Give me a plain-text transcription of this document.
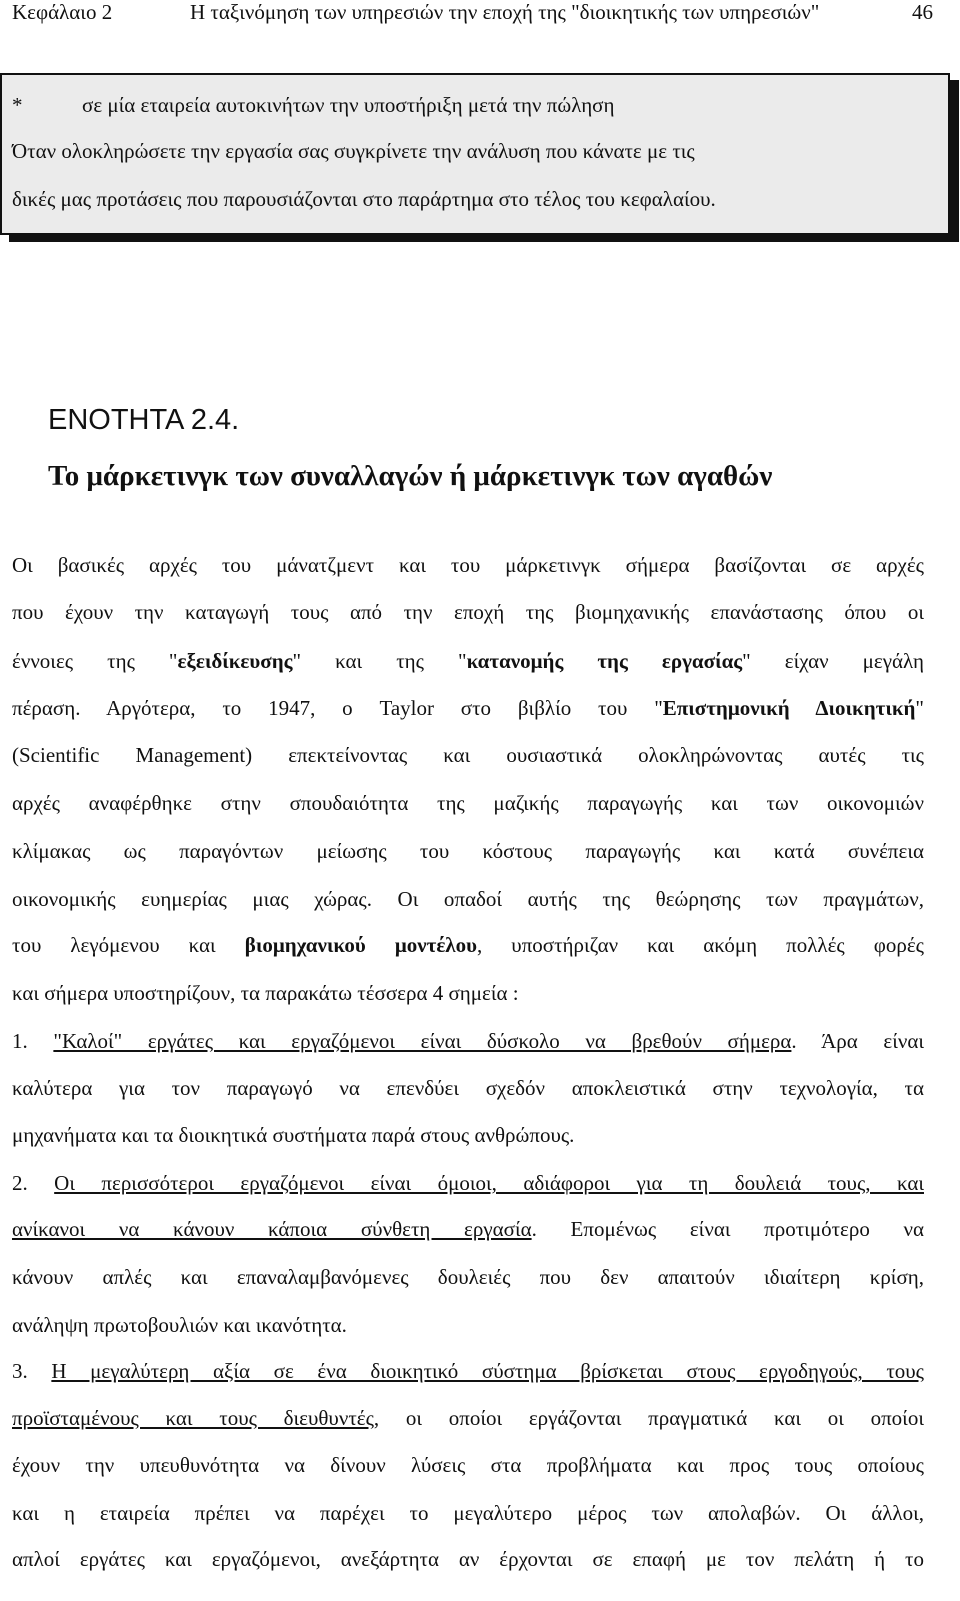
Κεφάλαιο 2	Η ταξινόμηση των υπηρεσιών την εποχή της "διοικητικής των υπηρεσιών"	46
*	σε μία εταιρεία αυτοκινήτων την υποστήριξη μετά την πώληση

Όταν ολοκληρώσετε την εργασία σας συγκρίνετε την ανάλυση που κάνατε με τις

δικές μας προτάσεις που παρουσιάζονται στο παράρτημα στο τέλος του κεφαλαίου.

ΕΝΟΤΗΤΑ 2.4.
Το μάρκετινγκ των συναλλαγών ή μάρκετινγκ των αγαθών
Οι βασικές αρχές του μάνατζμεντ και του μάρκετινγκ σήμερα βασίζονται σε αρχές
που έχουν την καταγωγή τους από την εποχή της βιομηχανικής επανάστασης όπου οι
έννοιες της "εξειδίκευσης" και της "κατανομής της εργασίας" είχαν μεγάλη
πέραση. Αργότερα, το 1947, ο Taylor στο βιβλίο του "Επιστημονική Διοικητική"
(Scientific Management) επεκτείνοντας και ουσιαστικά ολοκληρώνοντας αυτές τις
αρχές αναφέρθηκε στην σπουδαιότητα της μαζικής παραγωγής και των οικονομιών
κλίμακας ως παραγόντων μείωσης του κόστους παραγωγής και κατά συνέπεια
οικονομικής ευημερίας μιας χώρας. Οι οπαδοί αυτής της θεώρησης των πραγμάτων,
του λεγόμενου και βιομηχανικού μοντέλου, υποστήριζαν και ακόμη πολλές φορές
και σήμερα υποστηρίζουν, τα παρακάτω τέσσερα 4 σημεία :
1. "Καλοί" εργάτες και εργαζόμενοι είναι δύσκολο να βρεθούν σήμερα. Άρα είναι
καλύτερα για τον παραγωγό να επενδύει σχεδόν αποκλειστικά στην τεχνολογία, τα
μηχανήματα και τα διοικητικά συστήματα παρά στους ανθρώπους.
2. Οι περισσότεροι εργαζόμενοι είναι όμοιοι, αδιάφοροι για τη δουλειά τους, και
ανίκανοι να κάνουν κάποια σύνθετη εργασία. Επομένως είναι προτιμότερο να
κάνουν απλές και επαναλαμβανόμενες δουλειές που δεν απαιτούν ιδιαίτερη κρίση,
ανάληψη πρωτοβουλιών και ικανότητα.
3. Η μεγαλύτερη αξία σε ένα διοικητικό σύστημα βρίσκεται στους εργοδηγούς, τους
προϊσταμένους και τους διευθυντές, οι οποίοι εργάζονται πραγματικά και οι οποίοι
έχουν την υπευθυνότητα να δίνουν λύσεις στα προβλήματα και προς τους οποίους
και η εταιρεία πρέπει να παρέχει το μεγαλύτερο μέρος των απολαβών. Οι άλλοι,
απλοί εργάτες και εργαζόμενοι, ανεξάρτητα αν έρχονται σε επαφή με τον πελάτη ή το
